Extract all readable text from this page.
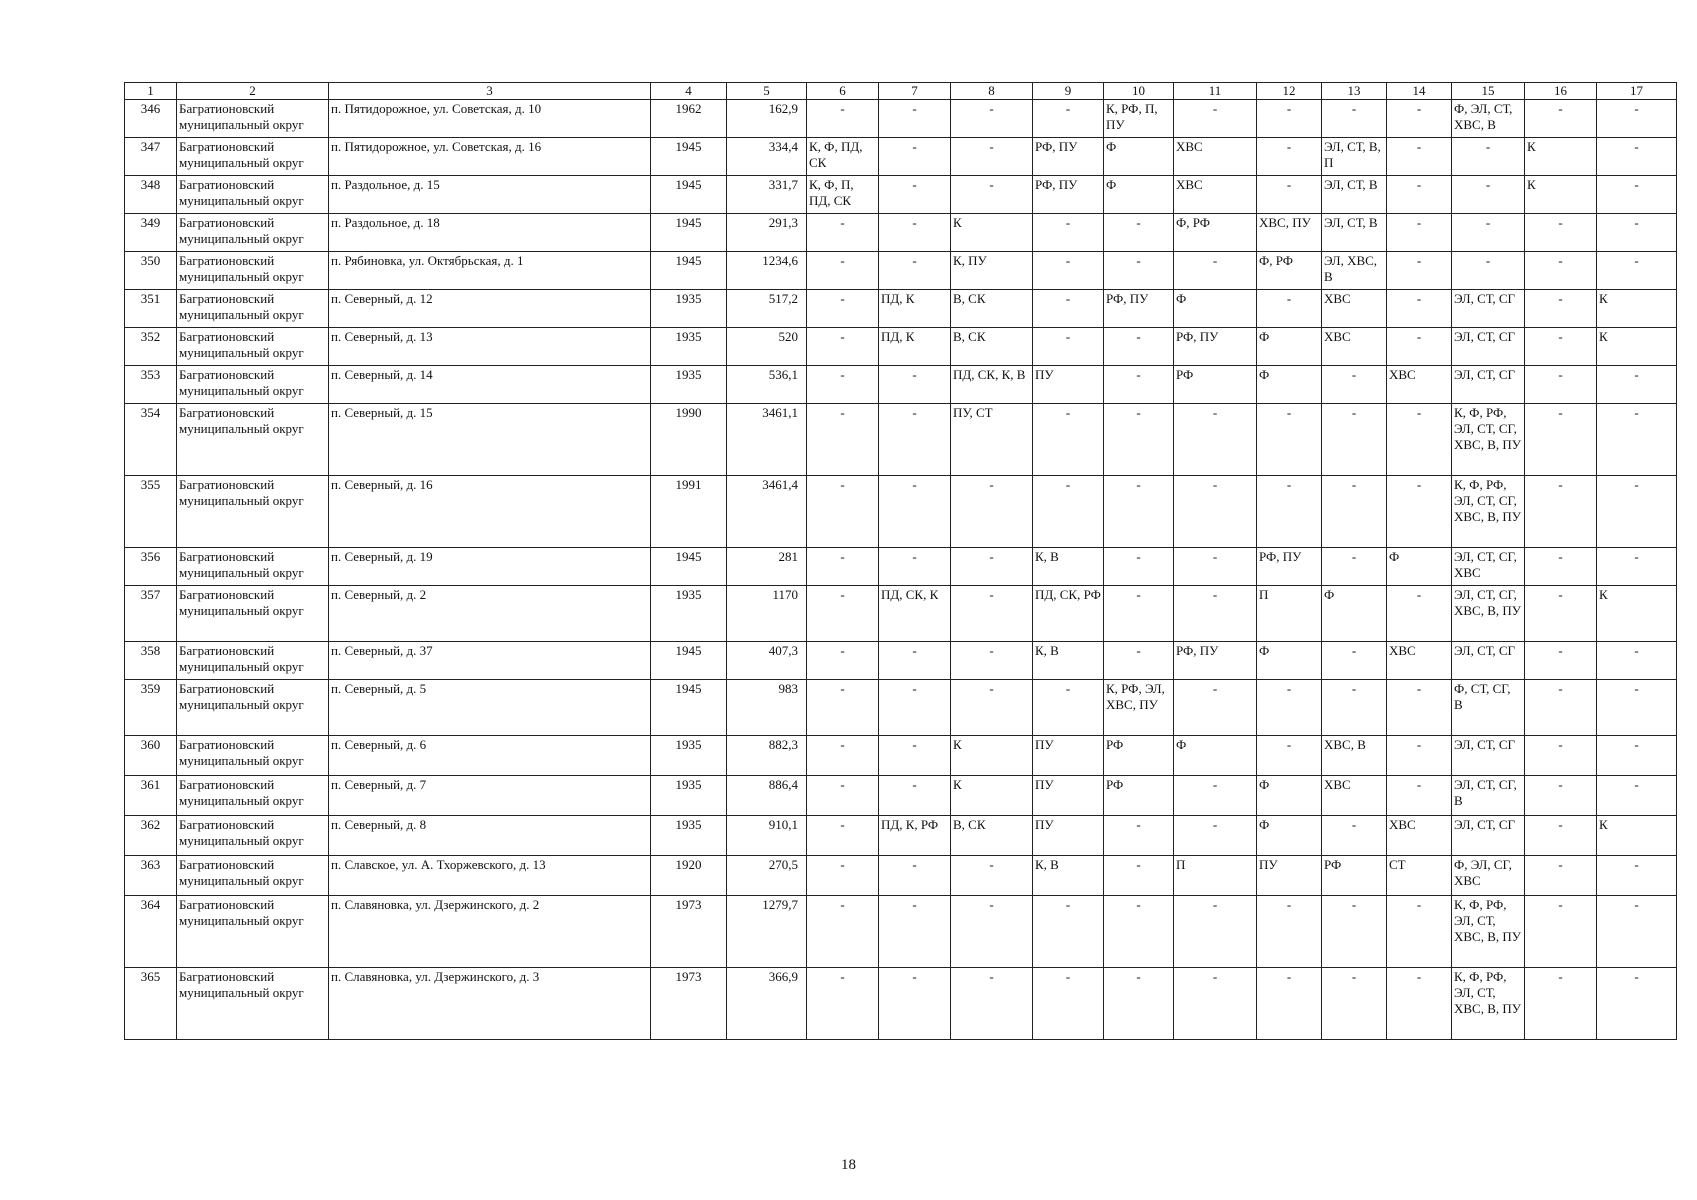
1	2	3	4	5	6	7	8	9	10	11	12	13	14	15	16	17
346	Багратионовский муниципальный округ	п. Пятидорожное, ул. Советская, д. 10	1962	162,9	-	-	-	-	К, РФ, П, ПУ	-	-	-	-	Ф, ЭЛ, СТ, ХВС, В	-	-
347	Багратионовский муниципальный округ	п. Пятидорожное, ул. Советская, д. 16	1945	334,4	К, Ф, ПД, СК	-	-	РФ, ПУ	Ф	ХВС	-	ЭЛ, СТ, В, П	-	-	К	-
348	Багратионовский муниципальный округ	п. Раздольное, д. 15	1945	331,7	К, Ф, П, ПД, СК	-	-	РФ, ПУ	Ф	ХВС	-	ЭЛ, СТ, В	-	-	К	-
349	Багратионовский муниципальный округ	п. Раздольное, д. 18	1945	291,3	-	-	К	-	-	Ф, РФ	ХВС, ПУ	ЭЛ, СТ, В	-	-	-	-
350	Багратионовский муниципальный округ	п. Рябиновка, ул. Октябрьская, д. 1	1945	1234,6	-	-	К, ПУ	-	-	-	Ф, РФ	ЭЛ, ХВС, В	-	-	-	-
351	Багратионовский муниципальный округ	п. Северный, д. 12	1935	517,2	-	ПД, К	В, СК	-	РФ, ПУ	Ф	-	ХВС	-	ЭЛ, СТ, СГ	-	К
352	Багратионовский муниципальный округ	п. Северный, д. 13	1935	520	-	ПД, К	В, СК	-	-	РФ, ПУ	Ф	ХВС	-	ЭЛ, СТ, СГ	-	К
353	Багратионовский муниципальный округ	п. Северный, д. 14	1935	536,1	-	-	ПД, СК, К, В	ПУ	-	РФ	Ф	-	ХВС	ЭЛ, СТ, СГ	-	-
354	Багратионовский муниципальный округ	п. Северный, д. 15	1990	3461,1	-	-	ПУ, СТ	-	-	-	-	-	-	К, Ф, РФ, ЭЛ, СТ, СГ, ХВС, В, ПУ	-	-
355	Багратионовский муниципальный округ	п. Северный, д. 16	1991	3461,4	-	-	-	-	-	-	-	-	-	К, Ф, РФ, ЭЛ, СТ, СГ, ХВС, В, ПУ	-	-
356	Багратионовский муниципальный округ	п. Северный, д. 19	1945	281	-	-	-	К, В	-	-	РФ, ПУ	-	Ф	ЭЛ, СТ, СГ, ХВС	-	-
357	Багратионовский муниципальный округ	п. Северный, д. 2	1935	1170	-	ПД, СК, К	-	ПД, СК, РФ	-	-	П	Ф	-	ЭЛ, СТ, СГ, ХВС, В, ПУ	-	К
358	Багратионовский муниципальный округ	п. Северный, д. 37	1945	407,3	-	-	-	К, В	-	РФ, ПУ	Ф	-	ХВС	ЭЛ, СТ, СГ	-	-
359	Багратионовский муниципальный округ	п. Северный, д. 5	1945	983	-	-	-	-	К, РФ, ЭЛ, ХВС, ПУ	-	-	-	-	Ф, СТ, СГ, В	-	-
360	Багратионовский муниципальный округ	п. Северный, д. 6	1935	882,3	-	-	К	ПУ	РФ	Ф	-	ХВС, В	-	ЭЛ, СТ, СГ	-	-
361	Багратионовский муниципальный округ	п. Северный, д. 7	1935	886,4	-	-	К	ПУ	РФ	-	Ф	ХВС	-	ЭЛ, СТ, СГ, В	-	-
362	Багратионовский муниципальный округ	п. Северный, д. 8	1935	910,1	-	ПД, К, РФ	В, СК	ПУ	-	-	Ф	-	ХВС	ЭЛ, СТ, СГ	-	К
363	Багратионовский муниципальный округ	п. Славское, ул. А. Тхоржевского, д. 13	1920	270,5	-	-	-	К, В	-	П	ПУ	РФ	СТ	Ф, ЭЛ, СГ, ХВС	-	-
364	Багратионовский муниципальный округ	п. Славяновка, ул. Дзержинского, д. 2	1973	1279,7	-	-	-	-	-	-	-	-	-	К, Ф, РФ, ЭЛ, СТ, ХВС, В, ПУ	-	-
365	Багратионовский муниципальный округ	п. Славяновка, ул. Дзержинского, д. 3	1973	366,9	-	-	-	-	-	-	-	-	-	К, Ф, РФ, ЭЛ, СТ, ХВС, В, ПУ	-	-
18
